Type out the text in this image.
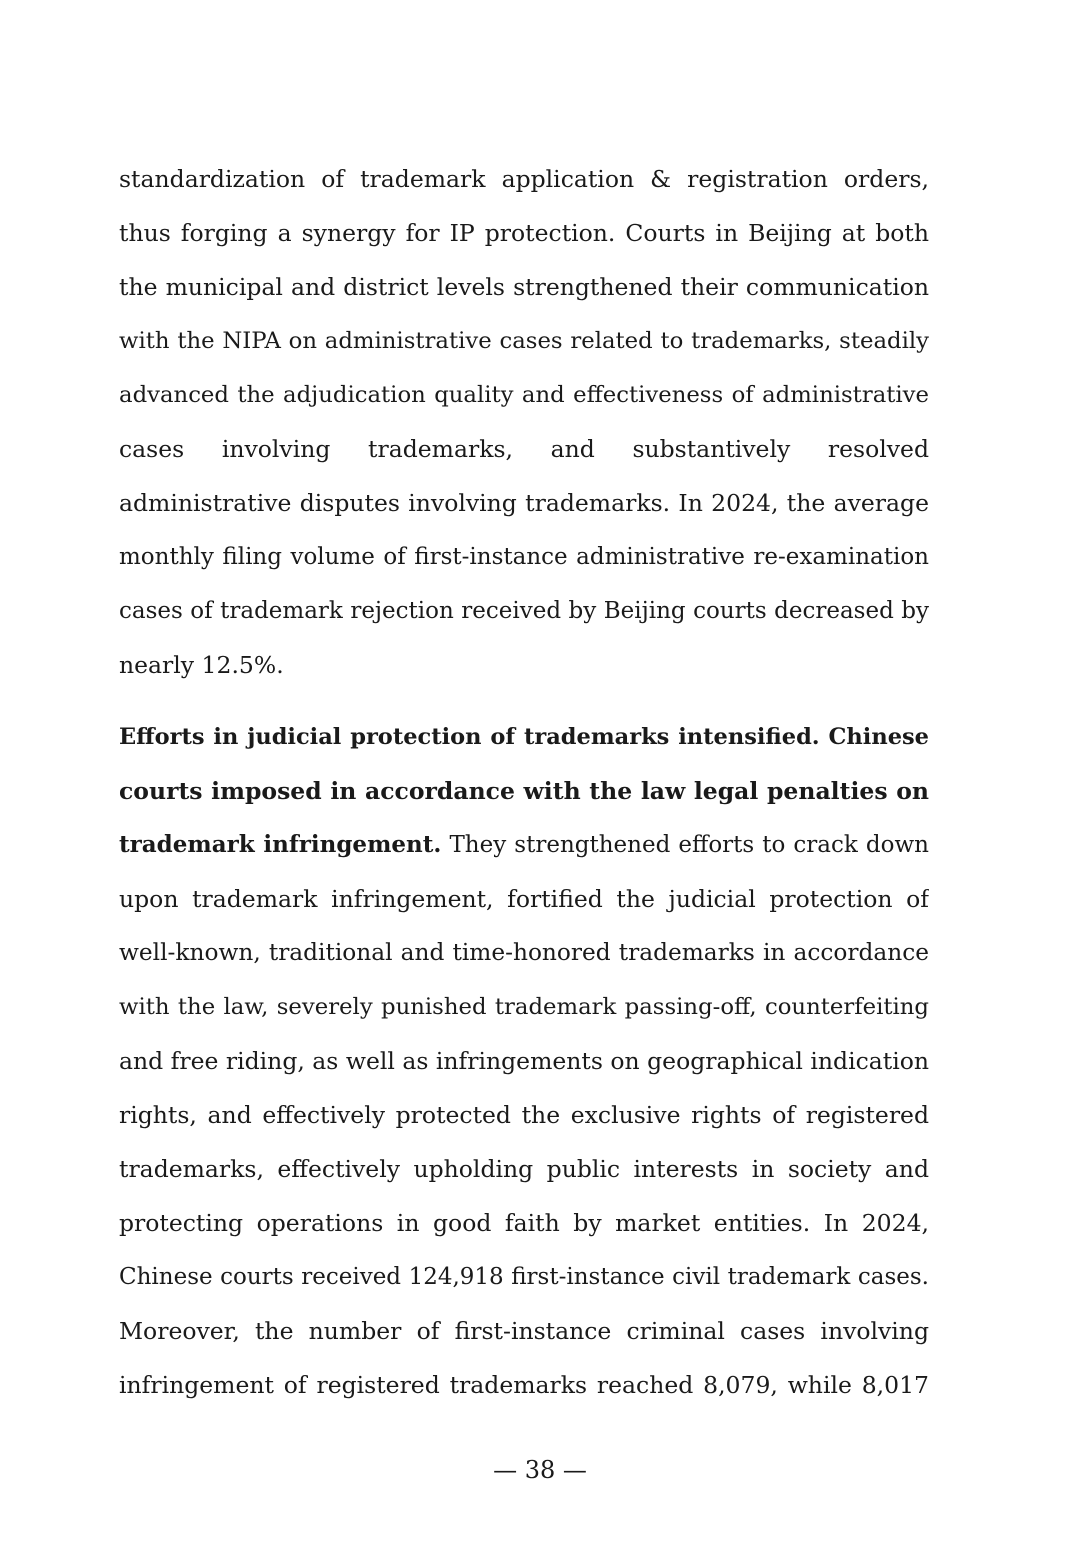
standardization of trademark application & registration orders,
thus forging a synergy for IP protection. Courts in Beijing at both
the municipal and district levels strengthened their communication
with the NIPA on administrative cases related to trademarks, steadily
advanced the adjudication quality and effectiveness of administrative
cases involving trademarks, and substantively resolved
administrative disputes involving trademarks. In 2024, the average
monthly filing volume of first-instance administrative re-examination
cases of trademark rejection received by Beijing courts decreased by
nearly 12.5%.
Efforts in judicial protection of trademarks intensified. Chinese
courts imposed in accordance with the law legal penalties on
trademark infringement. They strengthened efforts to crack down
upon trademark infringement, fortified the judicial protection of
well-known, traditional and time-honored trademarks in accordance
with the law, severely punished trademark passing-off, counterfeiting
and free riding, as well as infringements on geographical indication
rights, and effectively protected the exclusive rights of registered
trademarks, effectively upholding public interests in society and
protecting operations in good faith by market entities. In 2024,
Chinese courts received 124,918 first-instance civil trademark cases.
Moreover, the number of first-instance criminal cases involving
infringement of registered trademarks reached 8,079, while 8,017
— 38 —
